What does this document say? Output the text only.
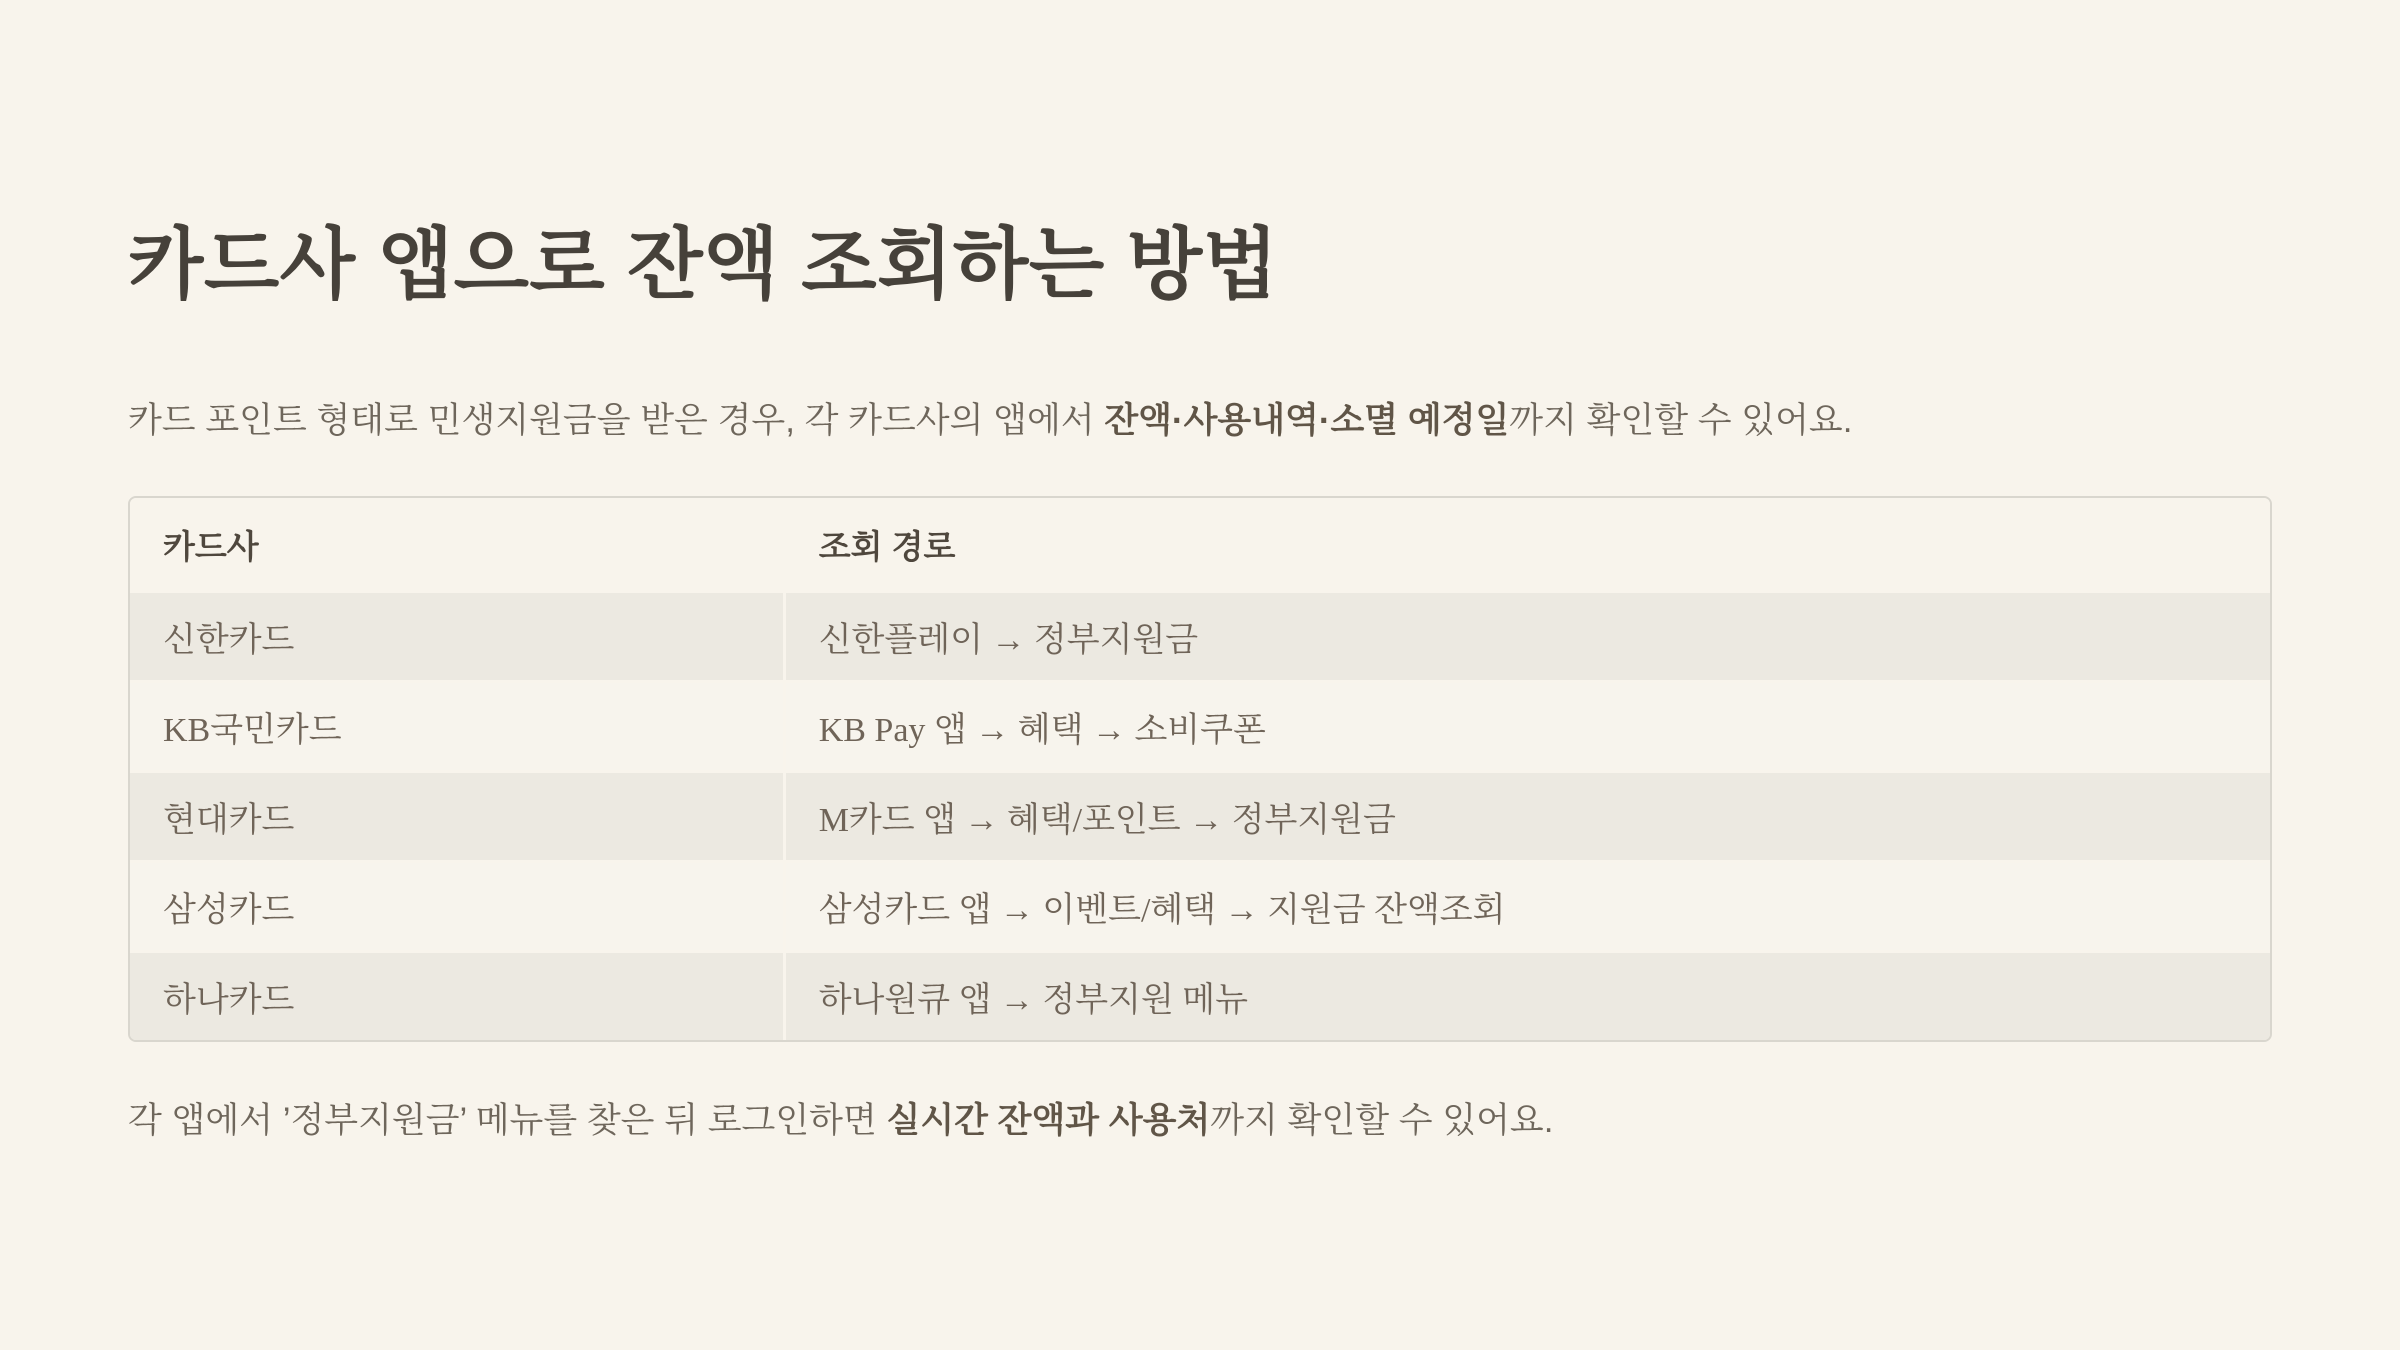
카드사 앱으로 잔액 조회하는 방법

카드 포인트 형태로 민생지원금을 받은 경우, 각 카드사의 앱에서 잔액·사용내역·소멸 예정일까지 확인할 수 있어요.

카드사	조회 경로
신한카드	신한플레이 → 정부지원금
KB국민카드	KB Pay 앱 → 혜택 → 소비쿠폰
현대카드	M카드 앱 → 혜택/포인트 → 정부지원금
삼성카드	삼성카드 앱 → 이벤트/혜택 → 지원금 잔액조회
하나카드	하나원큐 앱 → 정부지원 메뉴

각 앱에서 ’정부지원금’ 메뉴를 찾은 뒤 로그인하면 실시간 잔액과 사용처까지 확인할 수 있어요.
